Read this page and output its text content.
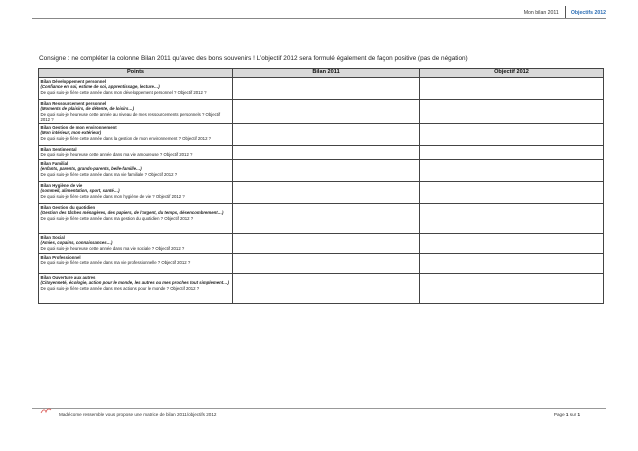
Mon bilan 2011	Objectifs 2012
Consigne : ne compléter la colonne Bilan 2011 qu’avec des bons souvenirs ! L’objectif 2012 sera formulé également de façon positive (pas de négation)
Points	Bilan 2011	Objectif 2012

Bilan Développement personnel
(Confiance en soi, estime de soi, apprentissage, lecture…)
De quoi suis-je fière cette année dans mon développement personnel ? Objectif 2012 ?		

Bilan Ressourcement personnel
(Moments de plaisirs, de détente, de loisirs…)
De quoi suis-je heureuse cette année au niveau de mes ressourcements personnels ? Objectif 2012 ?		

Bilan Gestion de mon environnement
(Mon intérieur, mon extérieur)
De quoi suis-je fière cette année dans la gestion de mon environnement ? Objectif 2012 ?		

Bilan Sentimental
De quoi suis-je heureuse cette année dans ma vie amoureuse ? Objectif 2012 ?		

Bilan Familial
(enfants, parents, grands-parents, belle-famille…)
De quoi suis-je fière cette année dans ma vie familiale ? Objectif 2012 ?		

Bilan Hygiène de vie
(sommeil, alimentation, sport, santé…)
De quoi suis-je fière cette année dans mon hygiène de vie ? Objectif 2012 ?		

Bilan Gestion du quotidien
(Gestion des tâches ménagères, des papiers, de l’argent, du temps, désencombrement…)
De quoi suis-je fière cette année dans ma gestion du quotidien ? Objectif 2012 ?		

Bilan Social
(Amies, copains, connaissances…)
De quoi suis-je heureuse cette année dans ma vie sociale ? Objectif 2012 ?		

Bilan Professionnel
De quoi suis-je fière cette année dans ma vie professionnelle ? Objectif 2012 ?		

Bilan Ouverture aux autres
(Citoyenneté, écologie, action pour le monde, les autres ou mes proches tout simplement…)
De quoi suis-je fière cette année dans mes actions pour le monde ? Objectif 2012 ?		

Madécome ressemble vous propose une matrice de bilan 2011/objectifs 2012	Page 1 sur 1
